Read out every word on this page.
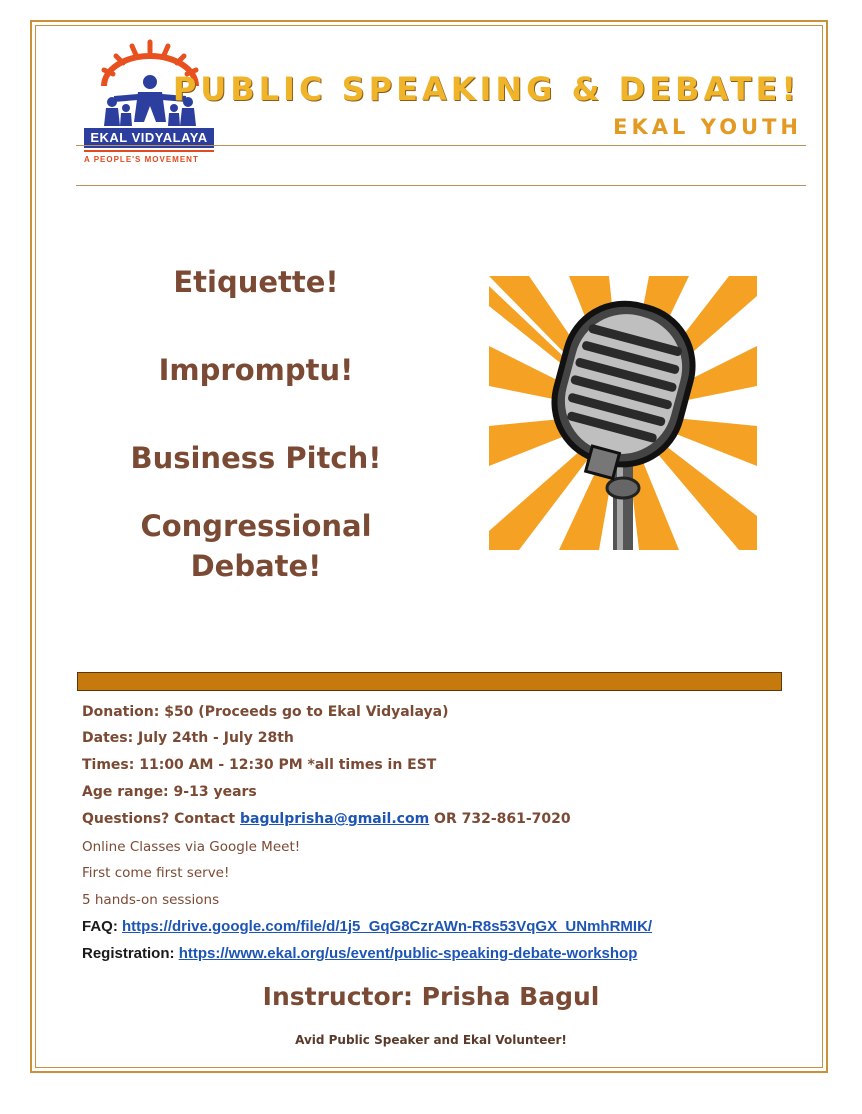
EKAL VIDYALAYA
A PEOPLE'S MOVEMENT
PUBLIC SPEAKING & DEBATE!
EKAL YOUTH
Etiquette!
Impromptu!
Business Pitch!
Congressional
Debate!
Donation: $50 (Proceeds go to Ekal Vidyalaya)
Dates: July 24th - July 28th
Times: 11:00 AM - 12:30 PM *all times in EST
Age range: 9-13 years
Questions? Contact bagulprisha@gmail.com OR 732-861-7020
Online Classes via Google Meet!
First come first serve!
5 hands-on sessions
FAQ: https://drive.google.com/file/d/1j5_GqG8CzrAWn-R8s53VqGX_UNmhRMIK/
Registration: https://www.ekal.org/us/event/public-speaking-debate-workshop
Instructor: Prisha Bagul
Avid Public Speaker and Ekal Volunteer!
